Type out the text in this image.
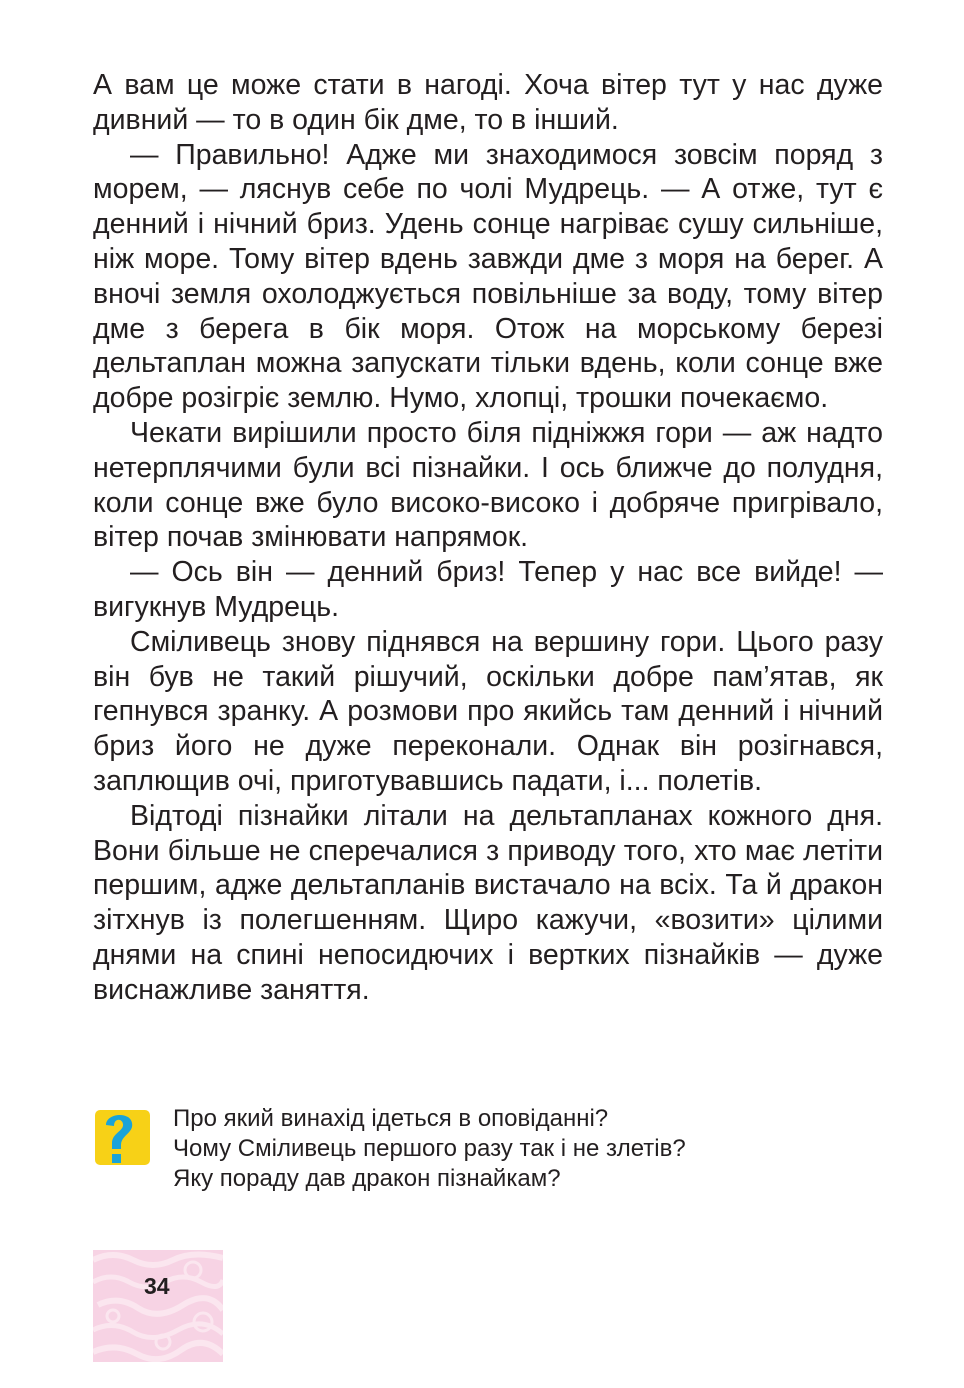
А вам це може стати в нагоді. Хоча вітер тут у нас дуже дивний — то в один бік дме, то в інший.

— Правильно! Адже ми знаходимося зовсім поряд з морем, — ляснув себе по чолі Мудрець. — А отже, тут є денний і нічний бриз. Удень сонце нагріває сушу сильніше, ніж море. Тому вітер вдень завжди дме з моря на берег. А вночі земля охолоджується повільніше за воду, тому вітер дме з берега в бік моря. Отож на морському березі дельтаплан можна запускати тільки вдень, коли сонце вже добре розігріє землю. Нумо, хлопці, трошки почекаємо.

Чекати вирішили просто біля підніжжя гори — аж надто нетерплячими були всі пізнайки. І ось ближче до полудня, коли сонце вже було високо-високо і добряче пригрівало, вітер почав змінювати напрямок.

— Ось він — денний бриз! Тепер у нас все вийде! — вигукнув Мудрець.

Сміливець знову піднявся на вершину гори. Цього разу він був не такий рішучий, оскільки добре пам’ятав, як гепнувся зранку. А розмови про якийсь там денний і нічний бриз його не дуже переконали. Однак він розігнався, заплющив очі, приготувавшись падати, і... полетів.

Відтоді пізнайки літали на дельтапланах кожного дня. Вони більше не сперечалися з приводу того, хто має летіти першим, адже дельтапланів вистачало на всіх. Та й дракон зітхнув із полегшенням. Щиро кажучи, «возити» цілими днями на спині непосидючих і вертких пізнайків — дуже виснажливе заняття.

Про який винахід ідеться в оповіданні?
Чому Сміливець першого разу так і не злетів?
Яку пораду дав дракон пізнайкам?
34
